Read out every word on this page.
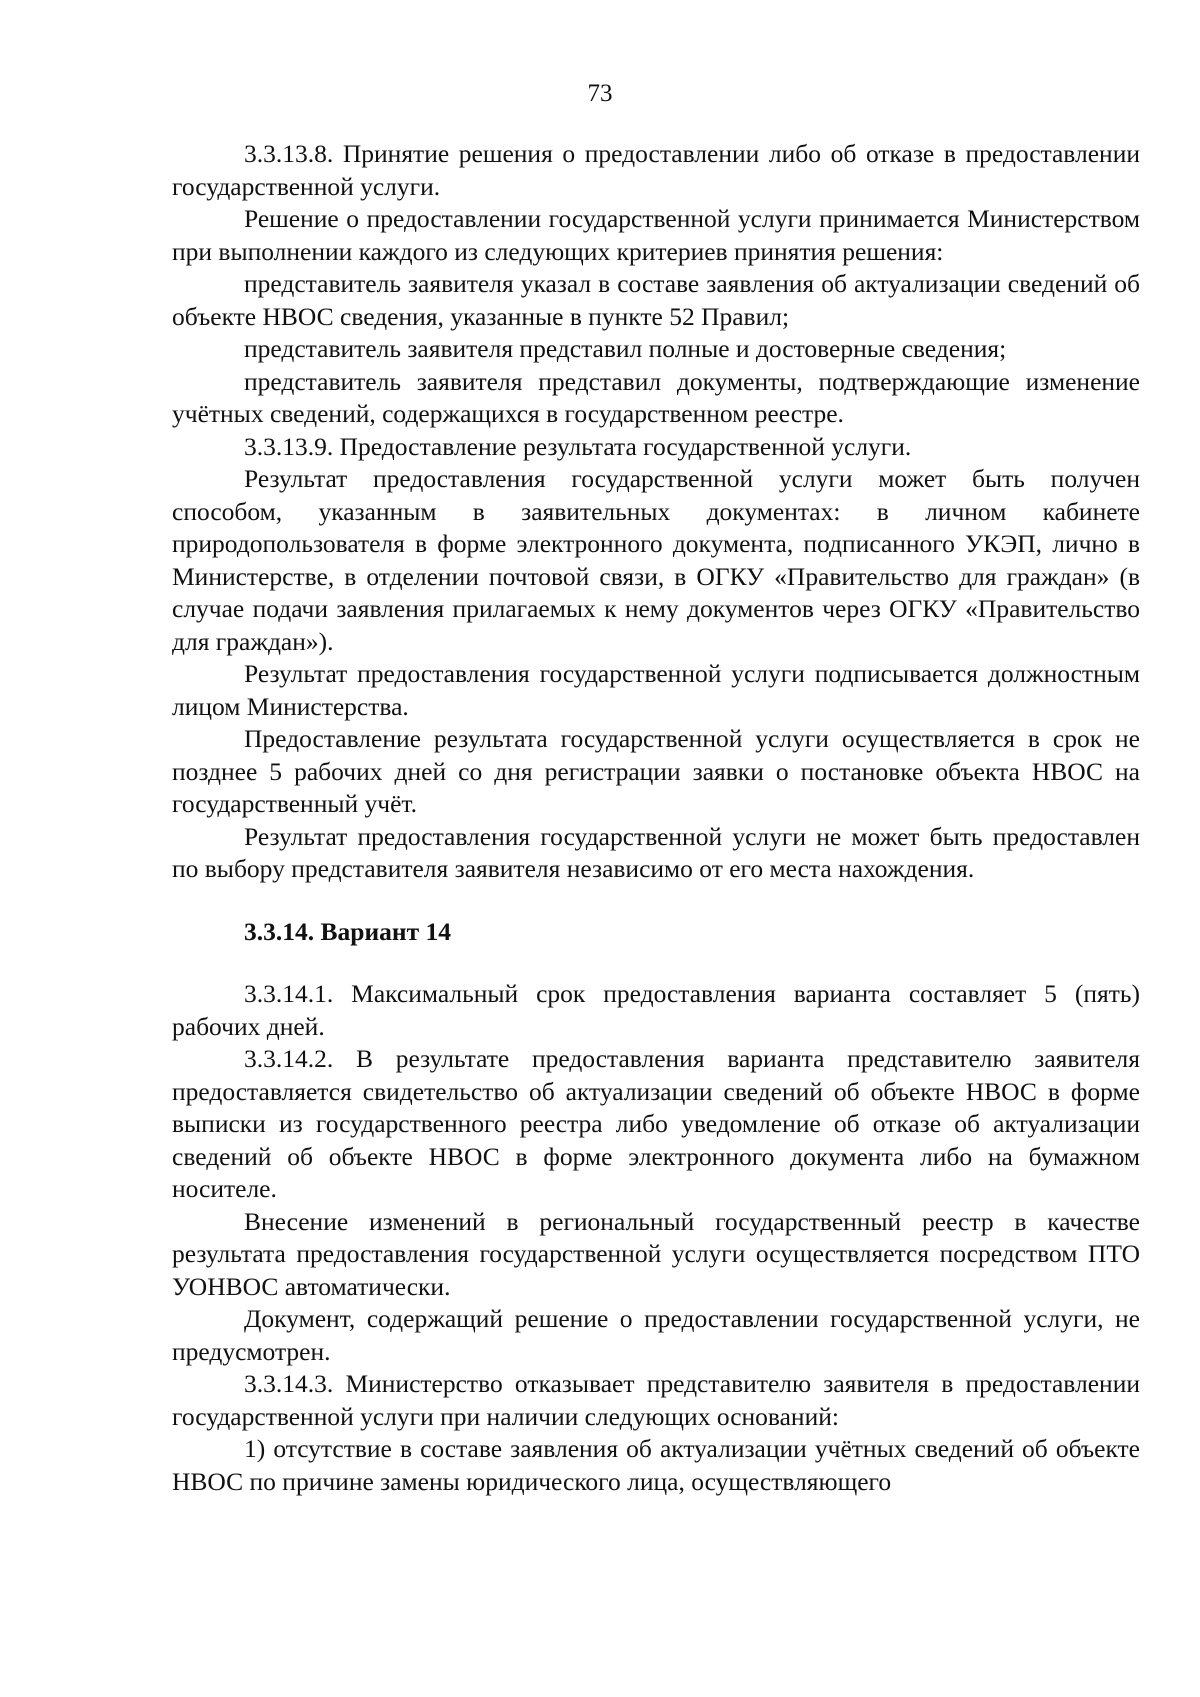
73

3.3.13.8. Принятие решения о предоставлении либо об отказе в предоставлении государственной услуги.

Решение о предоставлении государственной услуги принимается Министерством при выполнении каждого из следующих критериев принятия решения:

представитель заявителя указал в составе заявления об актуализации сведений об объекте НВОС сведения, указанные в пункте 52 Правил;

представитель заявителя представил полные и достоверные сведения;

представитель заявителя представил документы, подтверждающие изменение учётных сведений, содержащихся в государственном реестре.

3.3.13.9. Предоставление результата государственной услуги.

Результат предоставления государственной услуги может быть получен способом, указанным в заявительных документах: в личном кабинете природопользователя в форме электронного документа, подписанного УКЭП, лично в Министерстве, в отделении почтовой связи, в ОГКУ «Правительство для граждан» (в случае подачи заявления прилагаемых к нему документов через ОГКУ «Правительство для граждан»).

Результат предоставления государственной услуги подписывается должностным лицом Министерства.

Предоставление результата государственной услуги осуществляется в срок не позднее 5 рабочих дней со дня регистрации заявки о постановке объекта НВОС на государственный учёт.

Результат предоставления государственной услуги не может быть предоставлен по выбору представителя заявителя независимо от его места нахождения.

3.3.14. Вариант 14

3.3.14.1. Максимальный срок предоставления варианта составляет 5 (пять) рабочих дней.

3.3.14.2. В результате предоставления варианта представителю заявителя предоставляется свидетельство об актуализации сведений об объекте НВОС в форме выписки из государственного реестра либо уведомление об отказе об актуализации сведений об объекте НВОС в форме электронного документа либо на бумажном носителе.

Внесение изменений в региональный государственный реестр в качестве результата предоставления государственной услуги осуществляется посредством ПТО УОНВОС автоматически.

Документ, содержащий решение о предоставлении государственной услуги, не предусмотрен.

3.3.14.3. Министерство отказывает представителю заявителя в предоставлении государственной услуги при наличии следующих оснований:

1) отсутствие в составе заявления об актуализации учётных сведений об объекте НВОС по причине замены юридического лица, осуществляющего
